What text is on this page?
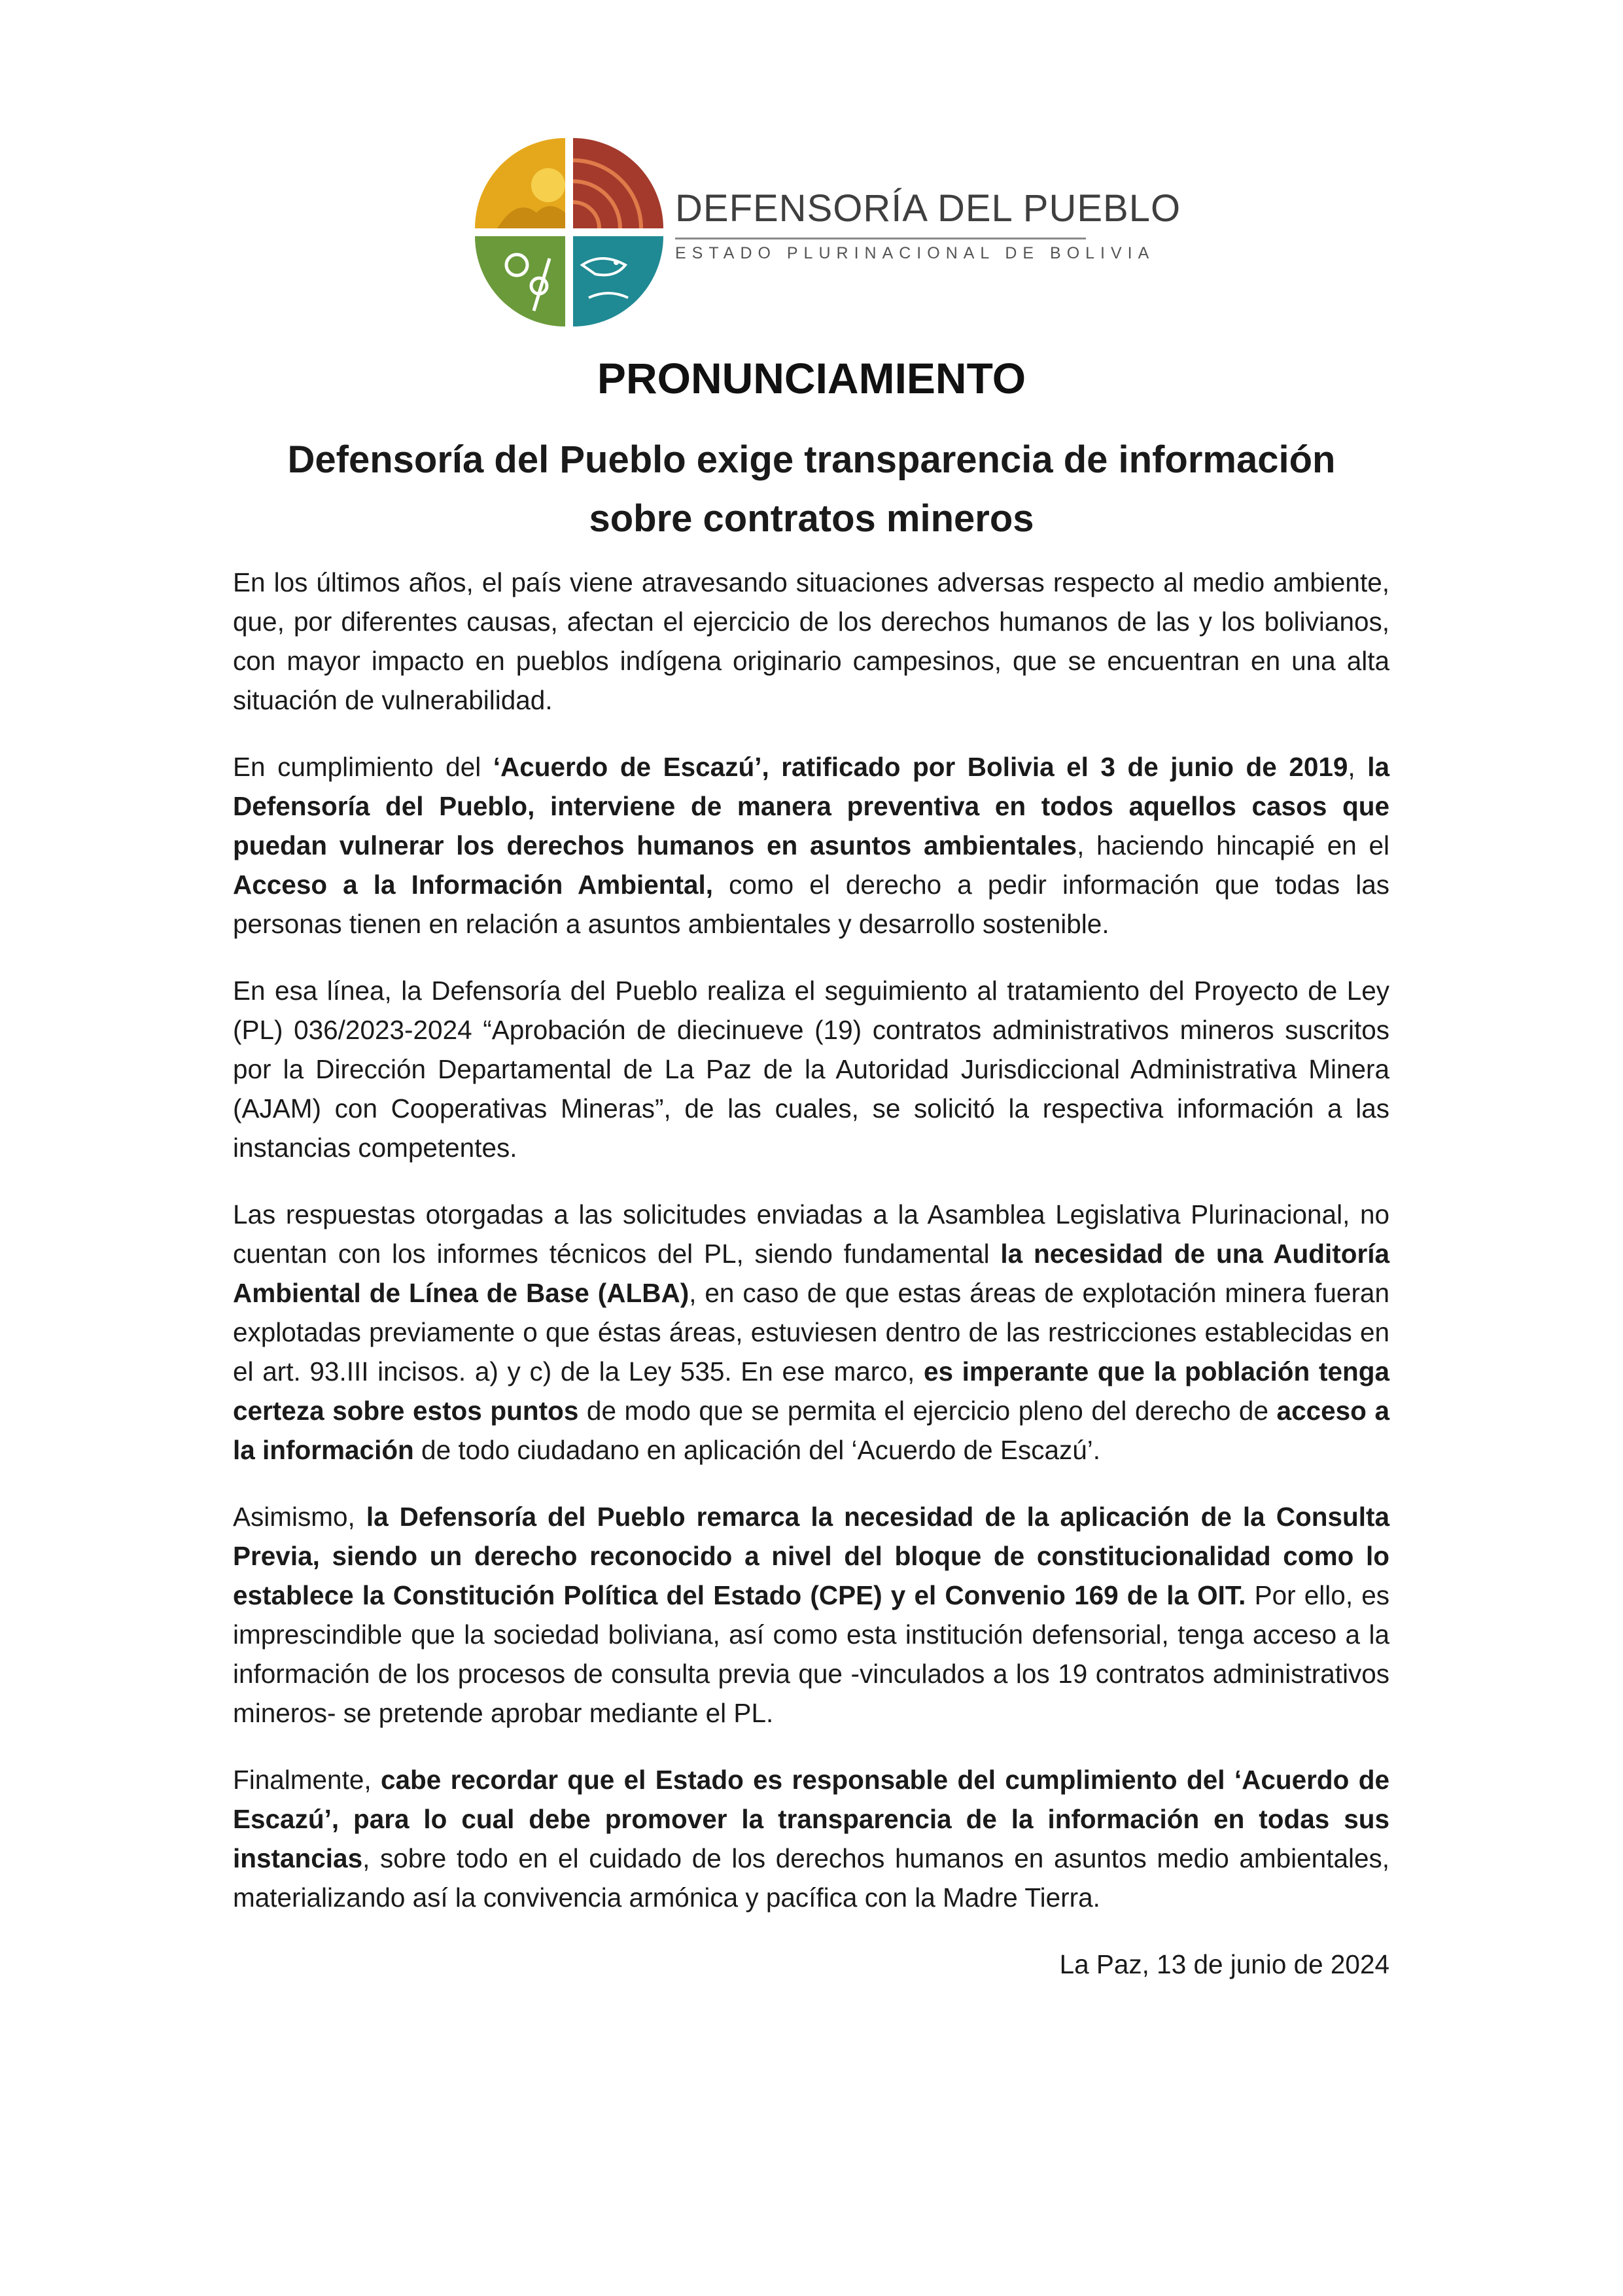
DEFENSORÍA DEL PUEBLO
ESTADO PLURINACIONAL DE BOLIVIA
PRONUNCIAMIENTO
Defensoría del Pueblo exige transparencia de información
sobre contratos mineros

En los últimos años, el país viene atravesando situaciones adversas respecto al medio ambiente, que, por diferentes causas, afectan el ejercicio de los derechos humanos de las y los bolivianos, con mayor impacto en pueblos indígena originario campesinos, que se encuentran en una alta situación de vulnerabilidad.

En cumplimiento del ‘Acuerdo de Escazú’, ratificado por Bolivia el 3 de junio de 2019, la Defensoría del Pueblo, interviene de manera preventiva en todos aquellos casos que puedan vulnerar los derechos humanos en asuntos ambientales, haciendo hincapié en el Acceso a la Información Ambiental, como el derecho a pedir información que todas las personas tienen en relación a asuntos ambientales y desarrollo sostenible.

En esa línea, la Defensoría del Pueblo realiza el seguimiento al tratamiento del Proyecto de Ley (PL) 036/2023-2024 “Aprobación de diecinueve (19) contratos administrativos mineros suscritos por la Dirección Departamental de La Paz de la Autoridad Jurisdiccional Administrativa Minera (AJAM) con Cooperativas Mineras”, de las cuales, se solicitó la respectiva información a las instancias competentes.

Las respuestas otorgadas a las solicitudes enviadas a la Asamblea Legislativa Plurinacional, no cuentan con los informes técnicos del PL, siendo fundamental la necesidad de una Auditoría Ambiental de Línea de Base (ALBA), en caso de que estas áreas de explotación minera fueran explotadas previamente o que éstas áreas, estuviesen dentro de las restricciones establecidas en el art. 93.III incisos. a) y c) de la Ley 535. En ese marco, es imperante que la población tenga certeza sobre estos puntos de modo que se permita el ejercicio pleno del derecho de acceso a la información de todo ciudadano en aplicación del ‘Acuerdo de Escazú’.

Asimismo, la Defensoría del Pueblo remarca la necesidad de la aplicación de la Consulta Previa, siendo un derecho reconocido a nivel del bloque de constitucionalidad como lo establece la Constitución Política del Estado (CPE) y el Convenio 169 de la OIT. Por ello, es imprescindible que la sociedad boliviana, así como esta institución defensorial, tenga acceso a la información de los procesos de consulta previa que -vinculados a los 19 contratos administrativos mineros- se pretende aprobar mediante el PL.

Finalmente, cabe recordar que el Estado es responsable del cumplimiento del ‘Acuerdo de Escazú’, para lo cual debe promover la transparencia de la información en todas sus instancias, sobre todo en el cuidado de los derechos humanos en asuntos medio ambientales, materializando así la convivencia armónica y pacífica con la Madre Tierra.

La Paz, 13 de junio de 2024
